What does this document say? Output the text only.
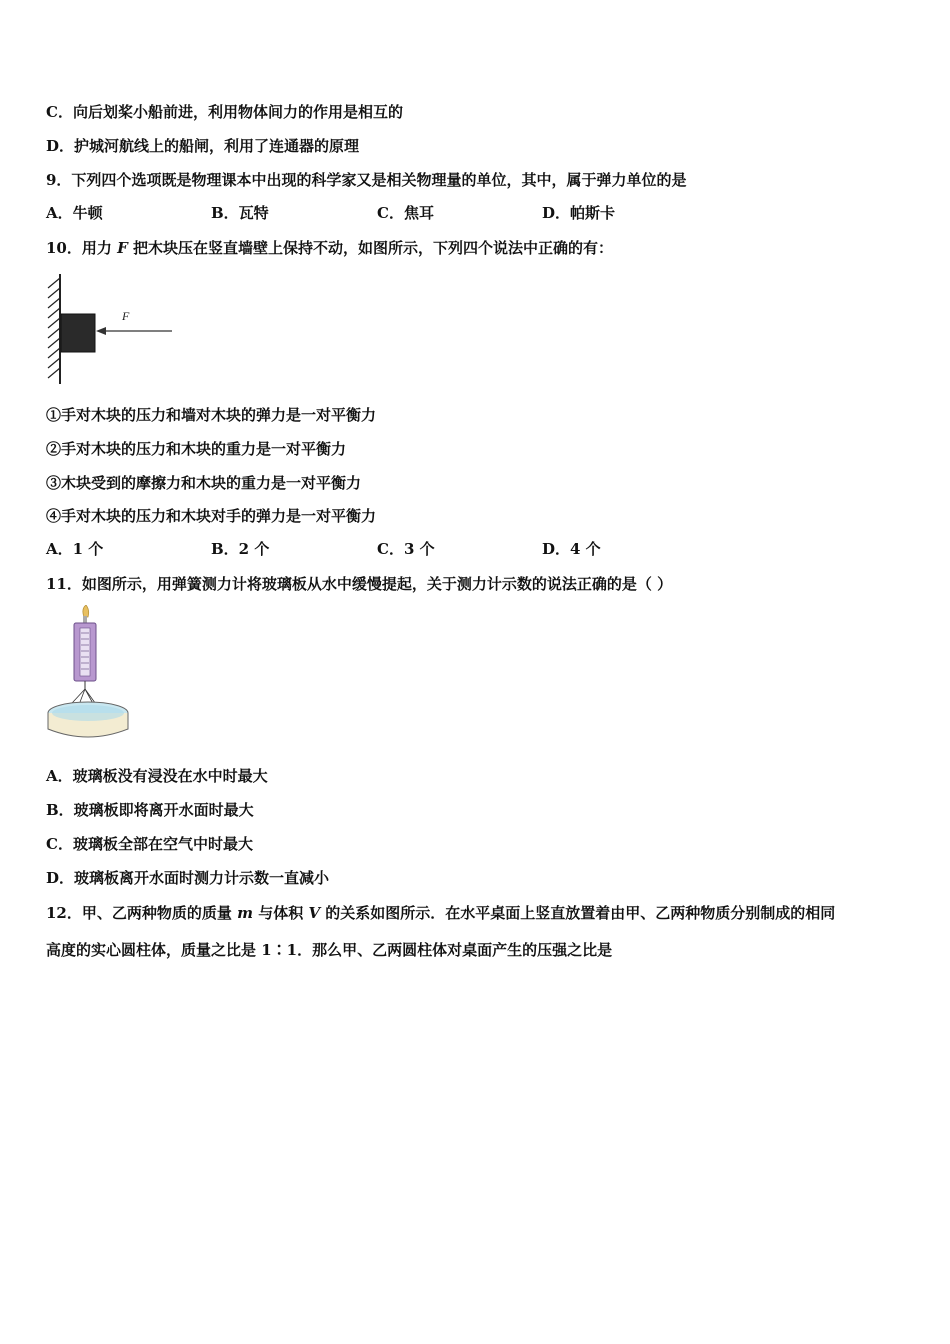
C．向后划桨小船前进，利用物体间力的作用是相互的
D．护城河航线上的船闸，利用了连通器的原理
9．下列四个选项既是物理课本中出现的科学家又是相关物理量的单位，其中，属于弹力单位的是
A．牛顿	B．瓦特	C．焦耳	D．帕斯卡
10．用力 F 把木块压在竖直墙壁上保持不动，如图所示，下列四个说法中正确的有：
F
①手对木块的压力和墙对木块的弹力是一对平衡力
②手对木块的压力和木块的重力是一对平衡力
③木块受到的摩擦力和木块的重力是一对平衡力
④手对木块的压力和木块对手的弹力是一对平衡力
A．1 个	B．2 个	C．3 个	D．4 个
11．如图所示，用弹簧测力计将玻璃板从水中缓慢提起，关于测力计示数的说法正确的是（ ）
A．玻璃板没有浸没在水中时最大
B．玻璃板即将离开水面时最大
C．玻璃板全部在空气中时最大
D．玻璃板离开水面时测力计示数一直减小
12．甲、乙两种物质的质量 m 与体积 V 的关系如图所示．在水平桌面上竖直放置着由甲、乙两种物质分别制成的相同
高度的实心圆柱体，质量之比是 1∶1．那么甲、乙两圆柱体对桌面产生的压强之比是
